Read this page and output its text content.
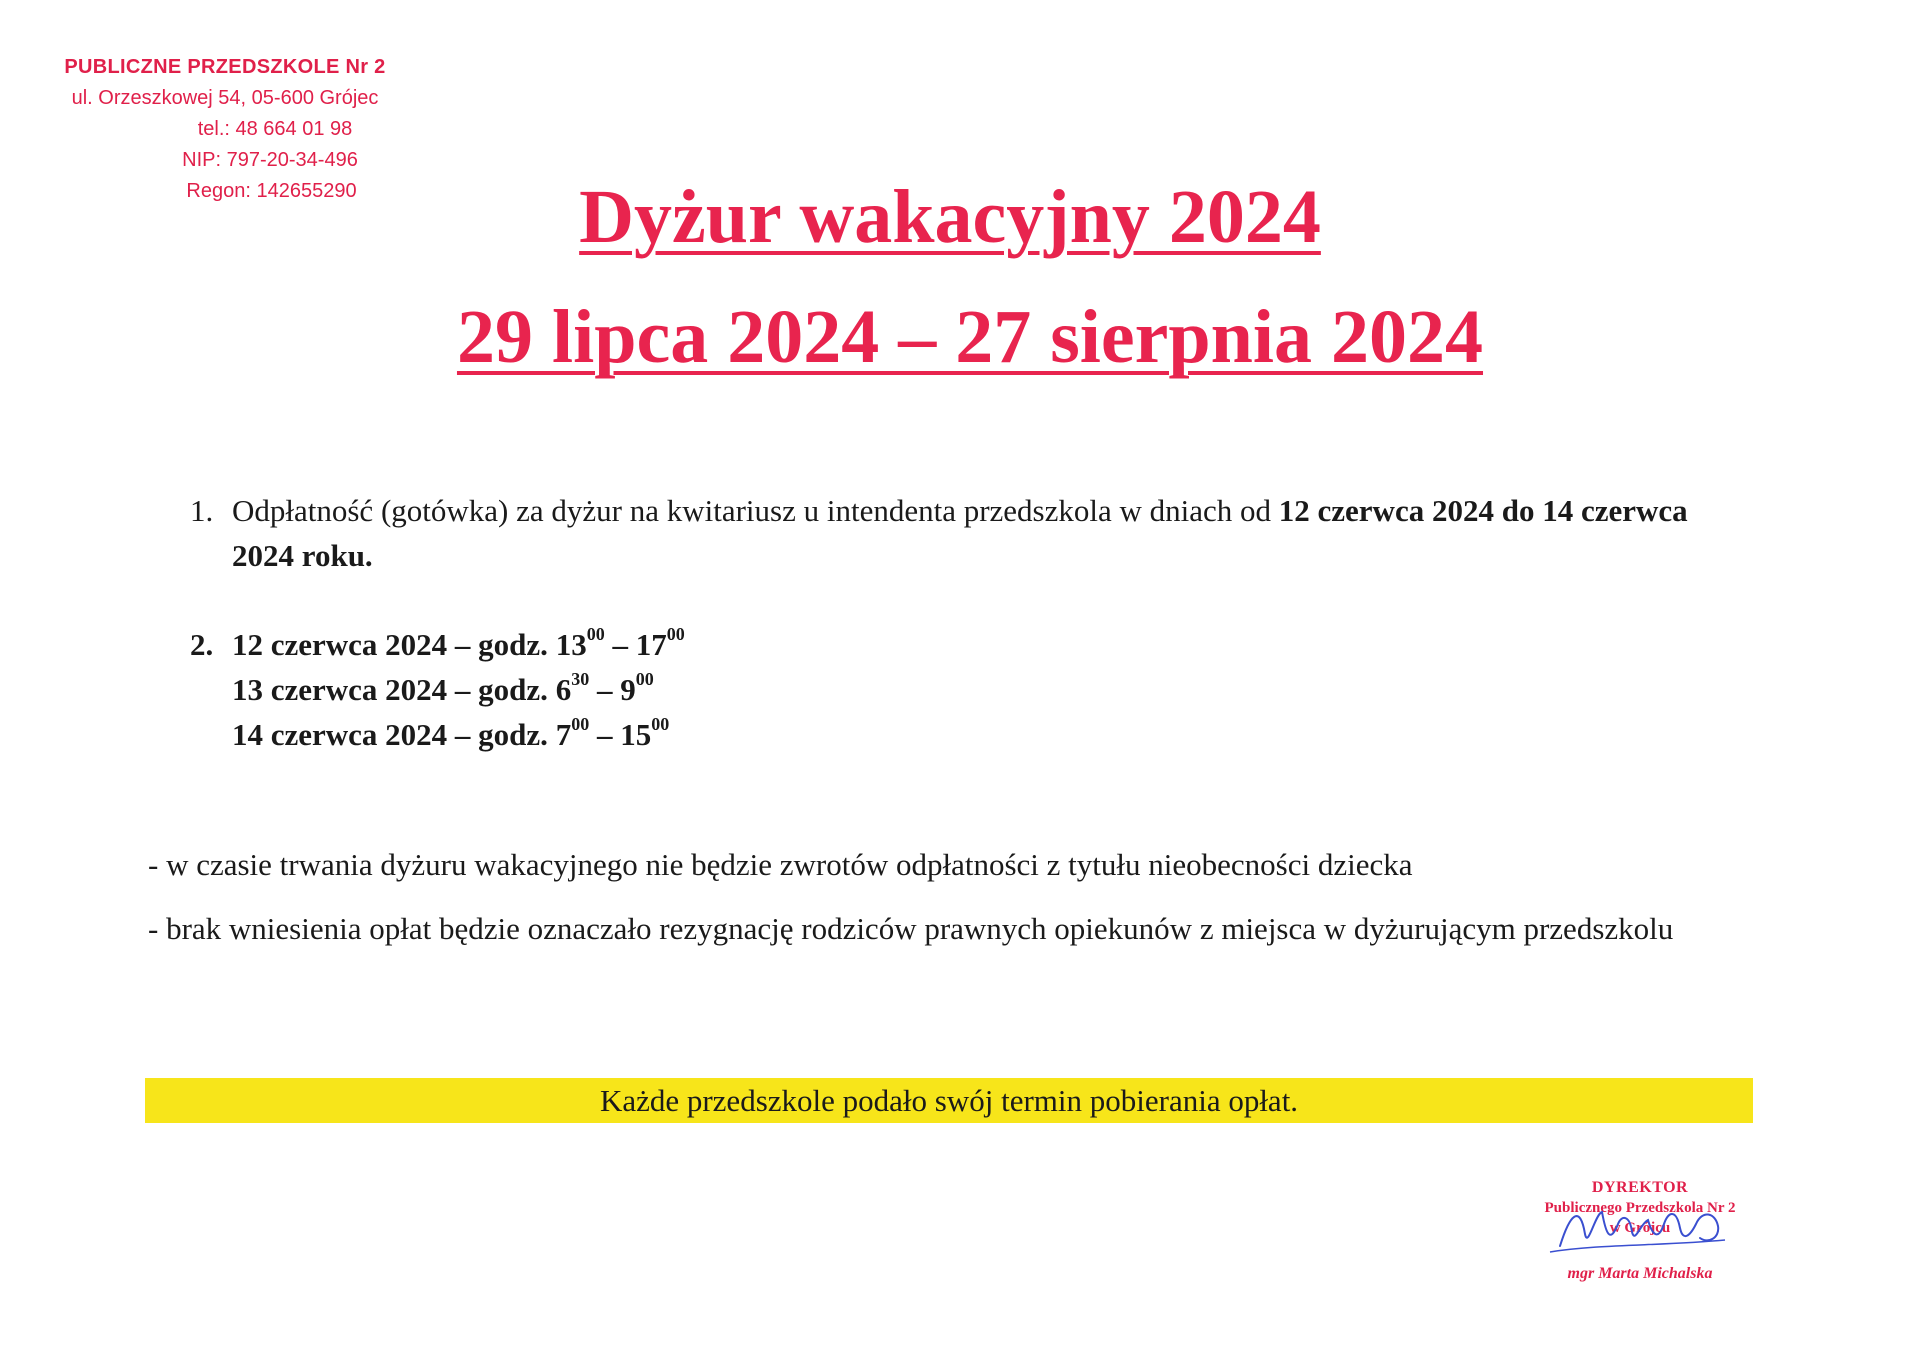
PUBLICZNE PRZEDSZKOLE Nr 2
ul. Orzeszkowej 54, 05-600 Grójec
tel.: 48 664 01 98
NIP: 797-20-34-496
Regon: 142655290	Dyżur wakacyjny 2024
29 lipca 2024 – 27 sierpnia 2024
1. Odpłatność (gotówka) za dyżur na kwitariusz u intendenta przedszkola w dniach od 12 czerwca 2024 do 14 czerwca 2024 roku.
2. 12 czerwca 2024 – godz. $13^{00} - 17^{00}$
13 czerwca 2024 – godz. $6^{30} - 9^{00}$
14 czerwca 2024 – godz. $7^{00} - 15^{00}$
- w czasie trwania dyżuru wakacyjnego nie będzie zwrotów odpłatności z tytułu nieobecności dziecka
- brak wniesienia opłat będzie oznaczało rezygnację rodziców prawnych opiekunów z miejsca w dyżurującym przedszkolu
Każde przedszkole podało swój termin pobierania opłat.
DYREKTOR
Publicznego Przedszkola Nr 2
w Grójcu
mgr Marta Michalska
